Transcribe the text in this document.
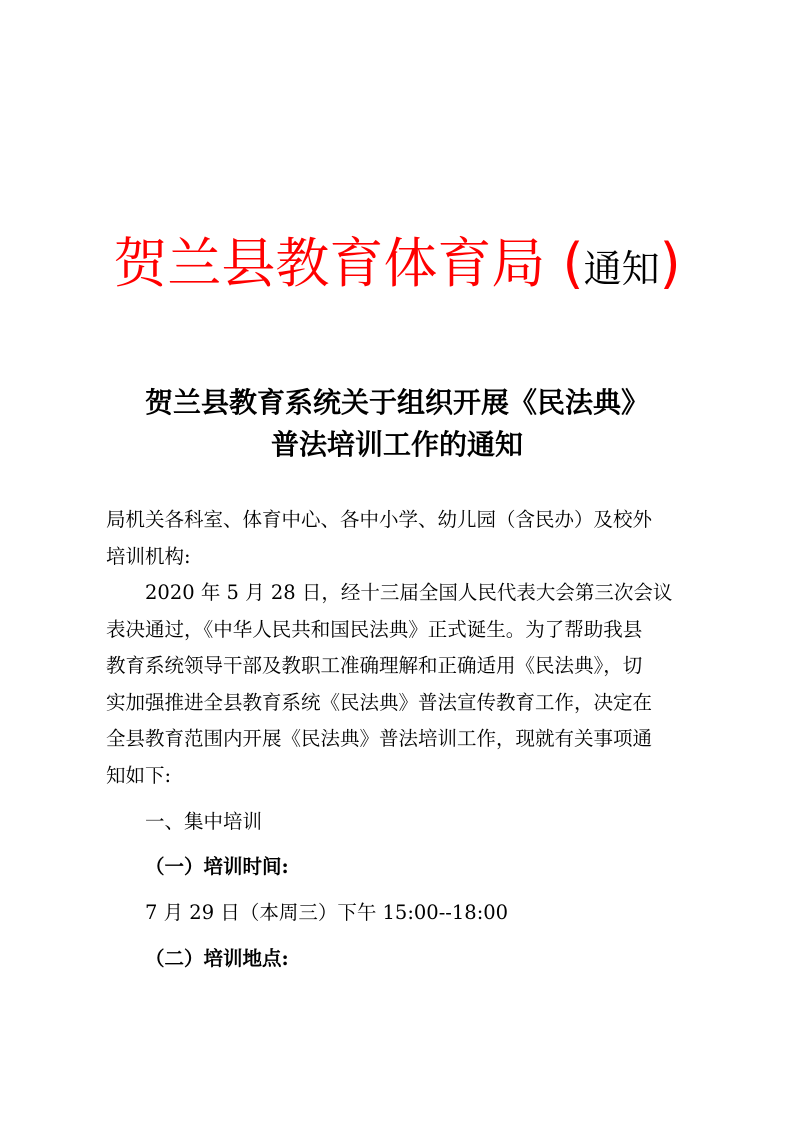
贺兰县教育体育局 (通知)
贺兰县教育系统关于组织开展《民法典》
普法培训工作的通知
局机关各科室、体育中心、各中小学、幼儿园（含民办）及校外
培训机构:
2020 年 5 月 28 日，经十三届全国人民代表大会第三次会议
表决通过，《中华人民共和国民法典》正式诞生。为了帮助我县
教育系统领导干部及教职工准确理解和正确适用《民法典》，切
实加强推进全县教育系统《民法典》普法宣传教育工作，决定在
全县教育范围内开展《民法典》普法培训工作，现就有关事项通
知如下:
一、集中培训
（一）培训时间:
7 月 29 日（本周三）下午 15:00--18:00
（二）培训地点:
